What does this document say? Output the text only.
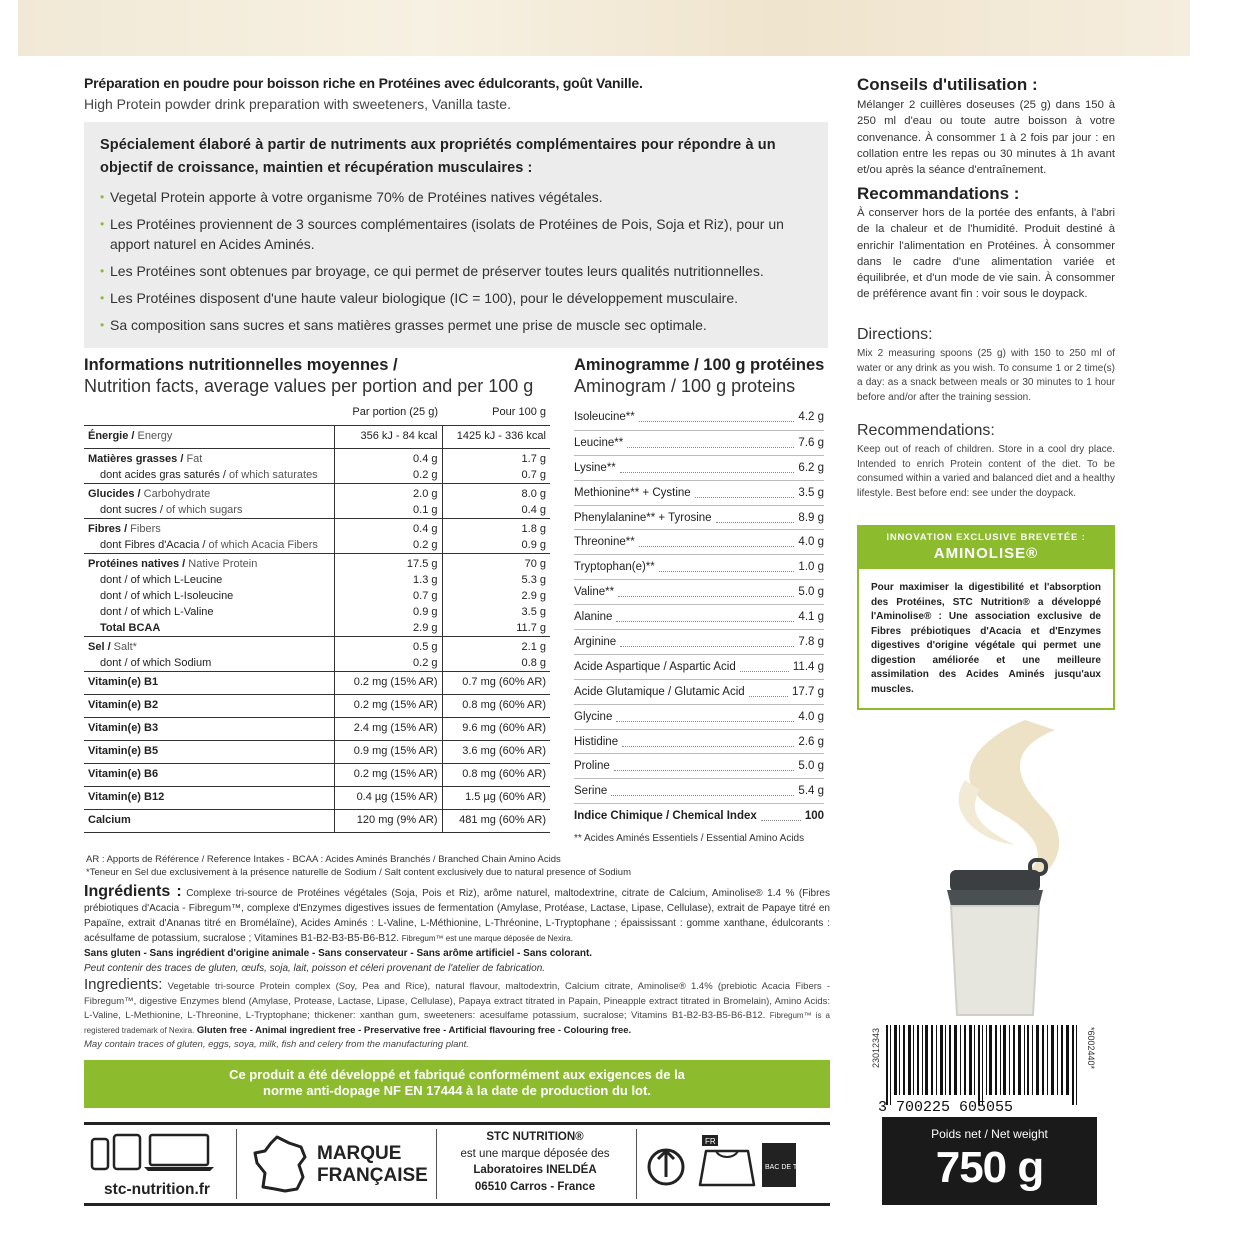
Préparation en poudre pour boisson riche en Protéines avec édulcorants, goût Vanille.
High Protein powder drink preparation with sweeteners, Vanilla taste.
Spécialement élaboré à partir de nutriments aux propriétés complémentaires pour répondre à un objectif de croissance, maintien et récupération musculaires :
• Vegetal Protein apporte à votre organisme 70% de Protéines natives végétales.
• Les Protéines proviennent de 3 sources complémentaires (isolats de Protéines de Pois, Soja et Riz), pour un apport naturel en Acides Aminés.
• Les Protéines sont obtenues par broyage, ce qui permet de préserver toutes leurs qualités nutritionnelles.
• Les Protéines disposent d'une haute valeur biologique (IC = 100), pour le développement musculaire.
• Sa composition sans sucres et sans matières grasses permet une prise de muscle sec optimale.
Informations nutritionnelles moyennes /
Nutrition facts, average values per portion and per 100 g
	Par portion (25 g)	Pour 100 g
Énergie / Energy	356 kJ - 84 kcal	1425 kJ - 336 kcal
Matières grasses / Fat	0.4 g	1.7 g
dont acides gras saturés / of which saturates	0.2 g	0.7 g
Glucides / Carbohydrate	2.0 g	8.0 g
dont sucres / of which sugars	0.1 g	0.4 g
Fibres / Fibers	0.4 g	1.8 g
dont Fibres d'Acacia / of which Acacia Fibers	0.2 g	0.9 g
Protéines natives / Native Protein	17.5 g	70 g
dont / of which L-Leucine	1.3 g	5.3 g
dont / of which L-Isoleucine	0.7 g	2.9 g
dont / of which L-Valine	0.9 g	3.5 g
Total BCAA	2.9 g	11.7 g
Sel / Salt*	0.5 g	2.1 g
dont / of which Sodium	0.2 g	0.8 g
Vitamin(e) B1	0.2 mg (15% AR)	0.7 mg (60% AR)
Vitamin(e) B2	0.2 mg (15% AR)	0.8 mg (60% AR)
Vitamin(e) B3	2.4 mg (15% AR)	9.6 mg (60% AR)
Vitamin(e) B5	0.9 mg (15% AR)	3.6 mg (60% AR)
Vitamin(e) B6	0.2 mg (15% AR)	0.8 mg (60% AR)
Vitamin(e) B12	0.4 µg (15% AR)	1.5 µg (60% AR)
Calcium	120 mg (9% AR)	481 mg (60% AR)
AR : Apports de Référence / Reference Intakes - BCAA : Acides Aminés Branchés / Branched Chain Amino Acids
*Teneur en Sel due exclusivement à la présence naturelle de Sodium / Salt content exclusively due to natural presence of Sodium
Aminogramme / 100 g protéines
Aminogram / 100 g proteins
Isoleucine**	4.2 g
Leucine**	7.6 g
Lysine**	6.2 g
Methionine** + Cystine	3.5 g
Phenylalanine** + Tyrosine	8.9 g
Threonine**	4.0 g
Tryptophan(e)**	1.0 g
Valine**	5.0 g
Alanine	4.1 g
Arginine	7.8 g
Acide Aspartique / Aspartic Acid	11.4 g
Acide Glutamique / Glutamic Acid	17.7 g
Glycine	4.0 g
Histidine	2.6 g
Proline	5.0 g
Serine	5.4 g
Indice Chimique / Chemical Index	100
** Acides Aminés Essentiels / Essential Amino Acids
Conseils d'utilisation :
Mélanger 2 cuillères doseuses (25 g) dans 150 à 250 ml d'eau ou toute autre boisson à votre convenance. À consommer 1 à 2 fois par jour : en collation entre les repas ou 30 minutes à 1h avant et/ou après la séance d'entraînement.
Recommandations :
À conserver hors de la portée des enfants, à l'abri de la chaleur et de l'humidité. Produit destiné à enrichir l'alimentation en Protéines. À consommer dans le cadre d'une alimentation variée et équilibrée, et d'un mode de vie sain. À consommer de préférence avant fin : voir sous le doypack.
Directions:
Mix 2 measuring spoons (25 g) with 150 to 250 ml of water or any drink as you wish. To consume 1 or 2 time(s) a day: as a snack between meals or 30 minutes to 1 hour before and/or after the training session.
Recommendations:
Keep out of reach of children. Store in a cool dry place. Intended to enrich Protein content of the diet. To be consumed within a varied and balanced diet and a healthy lifestyle. Best before end: see under the doypack.
INNOVATION EXCLUSIVE BREVETÉE :
AMINOLISE®
Pour maximiser la digestibilité et l'absorption des Protéines, STC Nutrition® a développé l'Aminolise® : Une association exclusive de Fibres prébiotiques d'Acacia et d'Enzymes digestives d'origine végétale qui permet une digestion améliorée et une meilleure assimilation des Acides Aminés jusqu'aux muscles.
3 700225 605055
*6002440*
23012343
Poids net / Net weight
750 g
Ingrédients : Complexe tri-source de Protéines végétales (Soja, Pois et Riz), arôme naturel, maltodextrine, citrate de Calcium, Aminolise® 1.4 % (Fibres prébiotiques d'Acacia - Fibregum™, complexe d'Enzymes digestives issues de fermentation (Amylase, Protéase, Lactase, Lipase, Cellulase), extrait de Papaye titré en Papaïne, extrait d'Ananas titré en Bromélaïne), Acides Aminés : L-Valine, L-Méthionine, L-Thréonine, L-Tryptophane ; épaississant : gomme xanthane, édulcorants : acésulfame de potassium, sucralose ; Vitamines B1-B2-B3-B5-B6-B12. Fibregum™ est une marque déposée de Nexira.
Sans gluten - Sans ingrédient d'origine animale - Sans conservateur - Sans arôme artificiel - Sans colorant.
Peut contenir des traces de gluten, œufs, soja, lait, poisson et céleri provenant de l'atelier de fabrication.
Ingredients: Vegetable tri-source Protein complex (Soy, Pea and Rice), natural flavour, maltodextrin, Calcium citrate, Aminolise® 1.4% (prebiotic Acacia Fibers - Fibregum™, digestive Enzymes blend (Amylase, Protease, Lactase, Lipase, Cellulase), Papaya extract titrated in Papain, Pineapple extract titrated in Bromelain), Amino Acids: L-Valine, L-Methionine, L-Threonine, L-Tryptophane; thickener: xanthan gum, sweeteners: acesulfame potassium, sucralose; Vitamins B1-B2-B3-B5-B6-B12. Fibregum™ is a registered trademark of Nexira. Gluten free - Animal ingredient free - Preservative free - Artificial flavouring free - Colouring free.
May contain traces of gluten, eggs, soya, milk, fish and celery from the manufacturing plant.
Ce produit a été développé et fabriqué conformément aux exigences de la
norme anti-dopage NF EN 17444 à la date de production du lot.
stc-nutrition.fr
MARQUE
FRANÇAISE
STC NUTRITION®
est une marque déposée des
Laboratoires INELDÉA
06510 Carros - France
FR
BAC DE TRI
